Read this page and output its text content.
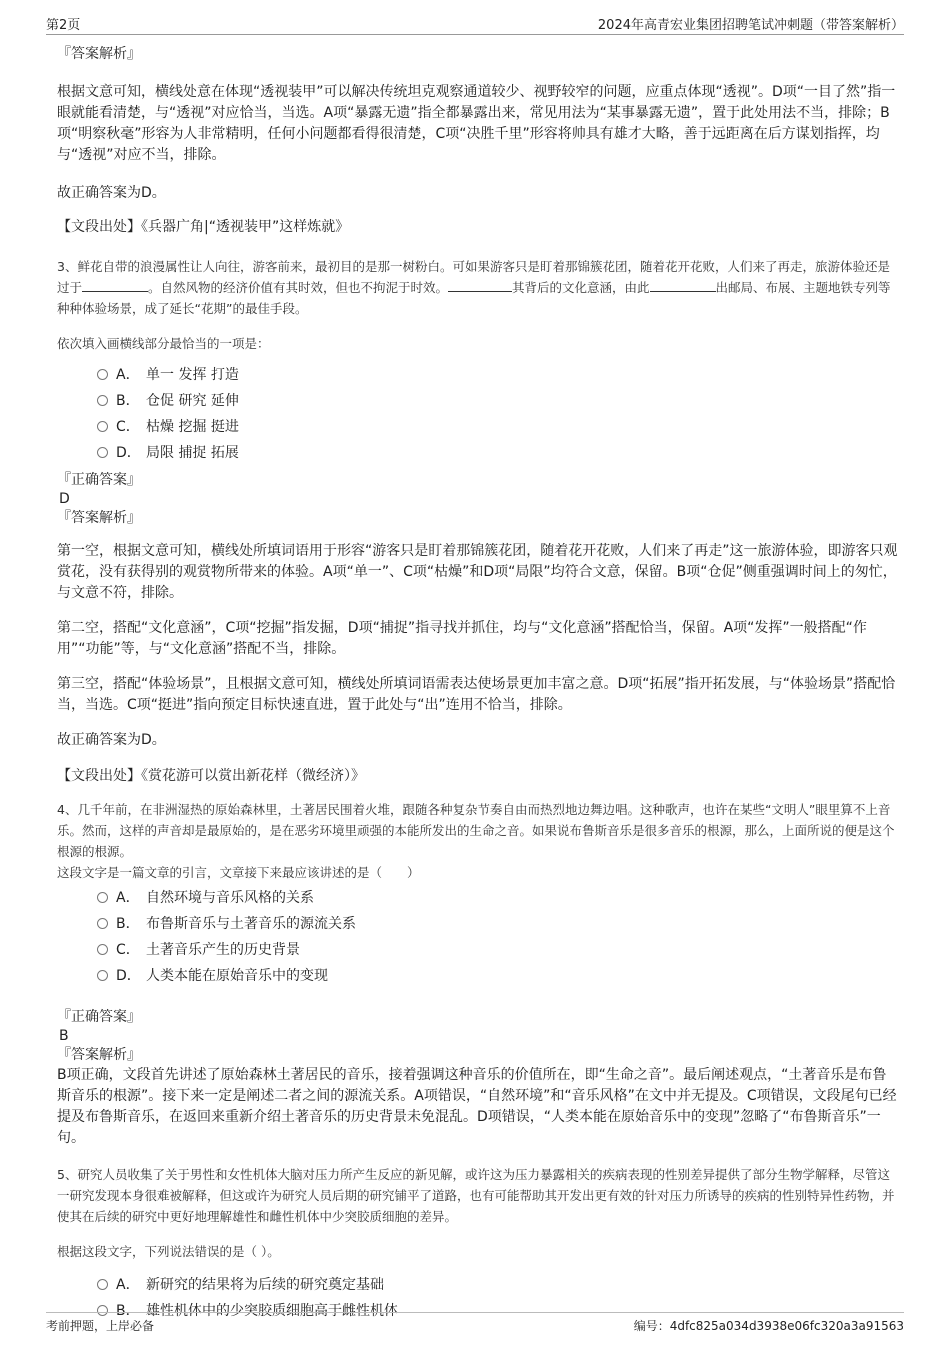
第2页	2024年高青宏业集团招聘笔试冲刺题（带答案解析）

『答案解析』

根据文意可知，横线处意在体现“透视装甲”可以解决传统坦克观察通道较少、视野较窄的问题，应重点体现“透视”。D项“一目了然”指一眼就能看清楚，与“透视”对应恰当，当选。A项“暴露无遗”指全都暴露出来，常见用法为“某事暴露无遗”，置于此处用法不当，排除；B项“明察秋毫”形容为人非常精明，任何小问题都看得很清楚，C项“决胜千里”形容将帅具有雄才大略，善于远距离在后方谋划指挥，均与“透视”对应不当，排除。

故正确答案为D。

【文段出处】《兵器广角|“透视装甲”这样炼就》

3、鲜花自带的浪漫属性让人向往，游客前来，最初目的是那一树粉白。可如果游客只是盯着那锦簇花团，随着花开花败，人们来了再走，旅游体验还是过于	。自然风物的经济价值有其时效，但也不拘泥于时效。	其背后的文化意涵，由此	出邮局、布展、主题地铁专列等种种体验场景，成了延长“花期”的最佳手段。

依次填入画横线部分最恰当的一项是：

A． 单一 发挥 打造
B． 仓促 研究 延伸
C． 枯燥 挖掘 挺进
D． 局限 捕捉 拓展

『正确答案』

D

『答案解析』

第一空，根据文意可知，横线处所填词语用于形容“游客只是盯着那锦簇花团，随着花开花败，人们来了再走”这一旅游体验，即游客只观赏花，没有获得别的观赏物所带来的体验。A项“单一”、C项“枯燥”和D项“局限”均符合文意，保留。B项“仓促”侧重强调时间上的匆忙，与文意不符，排除。

第二空，搭配“文化意涵”，C项“挖掘”指发掘，D项“捕捉”指寻找并抓住，均与“文化意涵”搭配恰当，保留。A项“发挥”一般搭配“作用”“功能”等，与“文化意涵”搭配不当，排除。

第三空，搭配“体验场景”，且根据文意可知，横线处所填词语需表达使场景更加丰富之意。D项“拓展”指开拓发展，与“体验场景”搭配恰当，当选。C项“挺进”指向预定目标快速直进，置于此处与“出”连用不恰当，排除。

故正确答案为D。

【文段出处】《赏花游可以赏出新花样（微经济）》

4、几千年前，在非洲湿热的原始森林里，土著居民围着火堆，跟随各种复杂节奏自由而热烈地边舞边唱。这种歌声，也许在某些“文明人”眼里算不上音乐。然而，这样的声音却是最原始的，是在恶劣环境里顽强的本能所发出的生命之音。如果说布鲁斯音乐是很多音乐的根源，那么，上面所说的便是这个根源的根源。

这段文字是一篇文章的引言，文章接下来最应该讲述的是（　　）

A． 自然环境与音乐风格的关系
B． 布鲁斯音乐与土著音乐的源流关系
C． 土著音乐产生的历史背景
D． 人类本能在原始音乐中的变现

『正确答案』

B

『答案解析』

B项正确，文段首先讲述了原始森林土著居民的音乐，接着强调这种音乐的价值所在，即“生命之音”。最后阐述观点，“土著音乐是布鲁斯音乐的根源”。接下来一定是阐述二者之间的源流关系。A项错误，“自然环境”和“音乐风格”在文中并无提及。C项错误，文段尾句已经提及布鲁斯音乐，在返回来重新介绍土著音乐的历史背景未免混乱。D项错误，“人类本能在原始音乐中的变现”忽略了“布鲁斯音乐”一句。

5、研究人员收集了关于男性和女性机体大脑对压力所产生反应的新见解，或许这为压力暴露相关的疾病表现的性别差异提供了部分生物学解释，尽管这一研究发现本身很难被解释，但这或许为研究人员后期的研究铺平了道路，也有可能帮助其开发出更有效的针对压力所诱导的疾病的性别特异性药物，并使其在后续的研究中更好地理解雄性和雌性机体中少突胶质细胞的差异。

根据这段文字，下列说法错误的是（ ）。

A． 新研究的结果将为后续的研究奠定基础
B． 雄性机体中的少突胶质细胞高于雌性机体
考前押题，上岸必备	编号：4dfc825a034d3938e06fc320a3a91563
